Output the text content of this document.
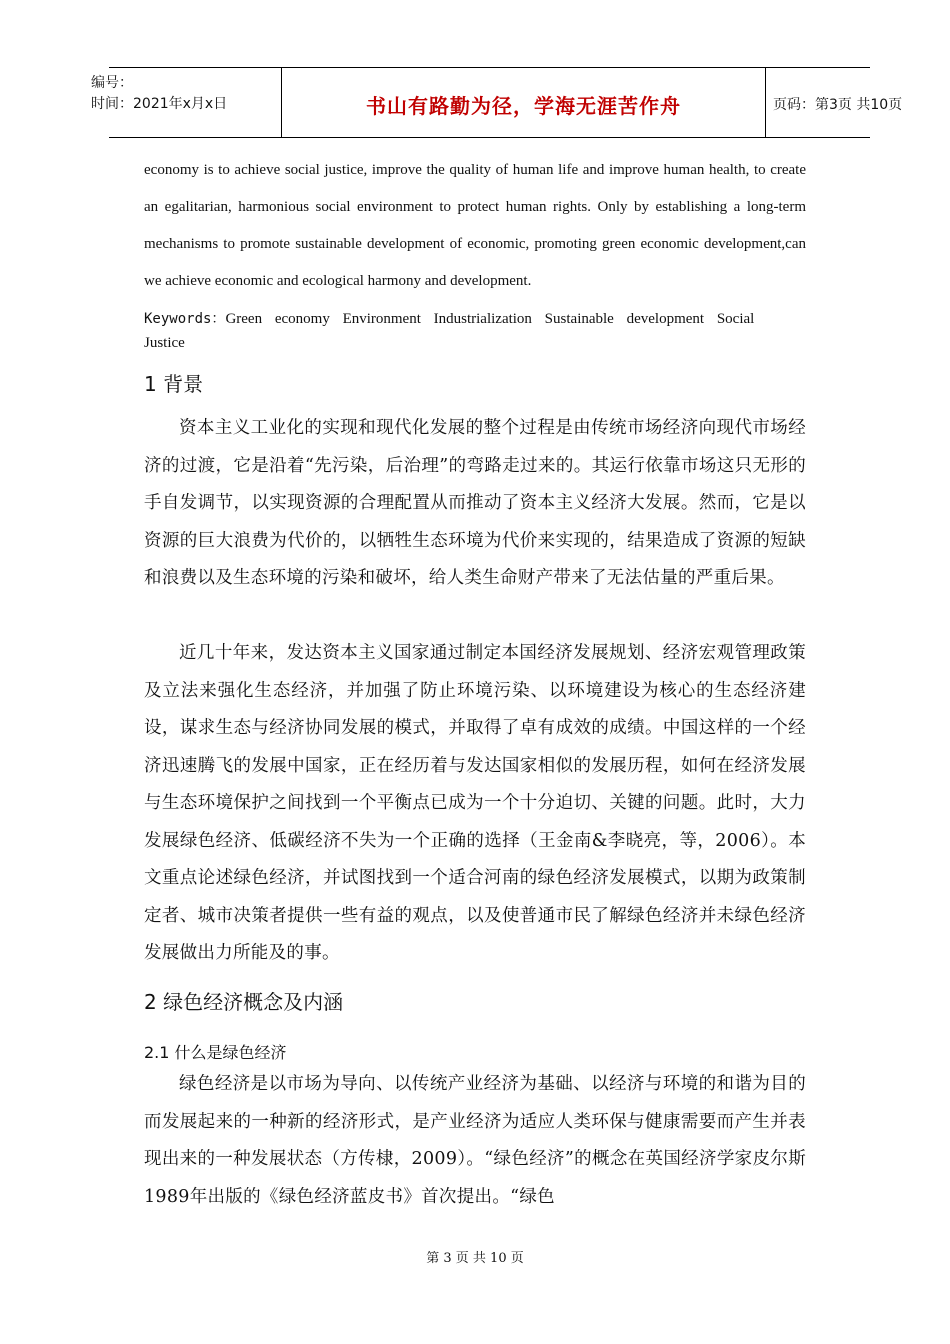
编号：
时间：2021年x月x日	书山有路勤为径，学海无涯苦作舟	页码：第3页 共10页
economy is to achieve social justice, improve the quality of human life and improve human health, to create an egalitarian, harmonious social environment to protect human rights. Only by establishing a long-term mechanisms to promote sustainable development of economic, promoting green economic development,can we achieve economic and ecological harmony and development.
Keywords：Green economy Environment Industrialization Sustainable development Social Justice
1 背景
资本主义工业化的实现和现代化发展的整个过程是由传统市场经济向现代市场经济的过渡，它是沿着“先污染，后治理”的弯路走过来的。其运行依靠市场这只无形的手自发调节，以实现资源的合理配置从而推动了资本主义经济大发展。然而，它是以资源的巨大浪费为代价的，以牺牲生态环境为代价来实现的，结果造成了资源的短缺和浪费以及生态环境的污染和破坏，给人类生命财产带来了无法估量的严重后果。
近几十年来，发达资本主义国家通过制定本国经济发展规划、经济宏观管理政策及立法来强化生态经济，并加强了防止环境污染、以环境建设为核心的生态经济建设，谋求生态与经济协同发展的模式，并取得了卓有成效的成绩。中国这样的一个经济迅速腾飞的发展中国家，正在经历着与发达国家相似的发展历程，如何在经济发展与生态环境保护之间找到一个平衡点已成为一个十分迫切、关键的问题。此时，大力发展绿色经济、低碳经济不失为一个正确的选择（王金南&李晓亮，等，2006）。本文重点论述绿色经济，并试图找到一个适合河南的绿色经济发展模式，以期为政策制定者、城市决策者提供一些有益的观点，以及使普通市民了解绿色经济并未绿色经济发展做出力所能及的事。
2 绿色经济概念及内涵
2.1 什么是绿色经济
绿色经济是以市场为导向、以传统产业经济为基础、以经济与环境的和谐为目的而发展起来的一种新的经济形式，是产业经济为适应人类环保与健康需要而产生并表现出来的一种发展状态（方传棣，2009）。“绿色经济”的概念在英国经济学家皮尔斯1989年出版的《绿色经济蓝皮书》首次提出。“绿色
第 3 页 共 10 页
